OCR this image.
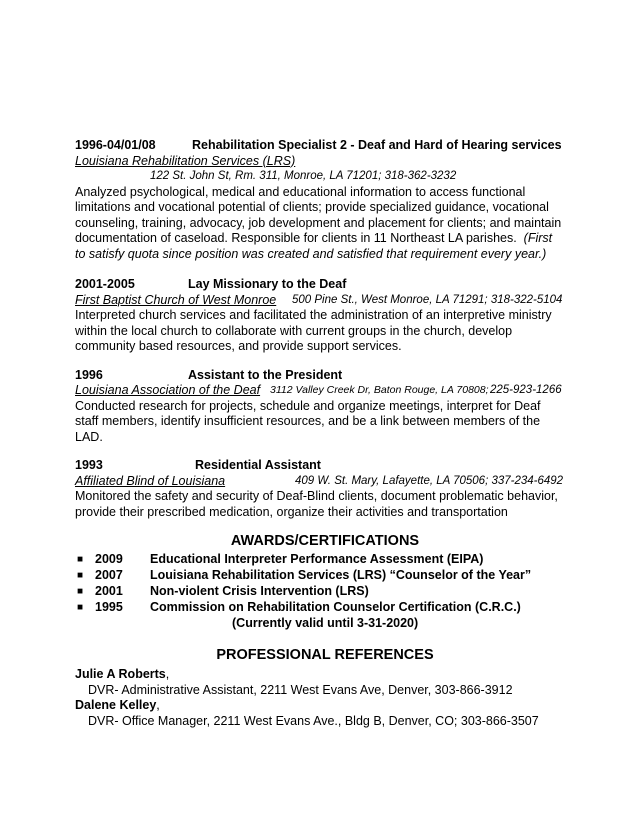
1996-04/01/08	Rehabilitation Specialist 2 - Deaf and Hard of Hearing services
Louisiana Rehabilitation Services (LRS)
122 St. John St, Rm. 311, Monroe, LA 71201; 318-362-3232
Analyzed psychological, medical and educational information to access functional
limitations and vocational potential of clients; provide specialized guidance, vocational
counseling, training, advocacy, job development and placement for clients; and maintain
documentation of caseload. Responsible for clients in 11 Northeast LA parishes. (First
to satisfy quota since position was created and satisfied that requirement every year.)
2001-2005	Lay Missionary to the Deaf
First Baptist Church of West Monroe 500 Pine St., West Monroe, LA 71291; 318-322-5104
Interpreted church services and facilitated the administration of an interpretive ministry
within the local church to collaborate with current groups in the church, develop
community based resources, and provide support services.
1996	Assistant to the President
Louisiana Association of the Deaf 3112 Valley Creek Dr, Baton Rouge, LA 70808; 225-923-1266
Conducted research for projects, schedule and organize meetings, interpret for Deaf
staff members, identify insufficient resources, and be a link between members of the
LAD.
1993	Residential Assistant
Affiliated Blind of Louisiana	409 W. St. Mary, Lafayette, LA 70506; 337-234-6492
Monitored the safety and security of Deaf-Blind clients, document problematic behavior,
provide their prescribed medication, organize their activities and transportation
AWARDS/CERTIFICATIONS
■ 2009 Educational Interpreter Performance Assessment (EIPA)
■ 2007 Louisiana Rehabilitation Services (LRS) “Counselor of the Year”
■ 2001 Non-violent Crisis Intervention (LRS)
■ 1995 Commission on Rehabilitation Counselor Certification (C.R.C.)
(Currently valid until 3-31-2020)
PROFESSIONAL REFERENCES
Julie A Roberts,
DVR- Administrative Assistant, 2211 West Evans Ave, Denver, 303-866-3912
Dalene Kelley,
DVR- Office Manager, 2211 West Evans Ave., Bldg B, Denver, CO; 303-866-3507
